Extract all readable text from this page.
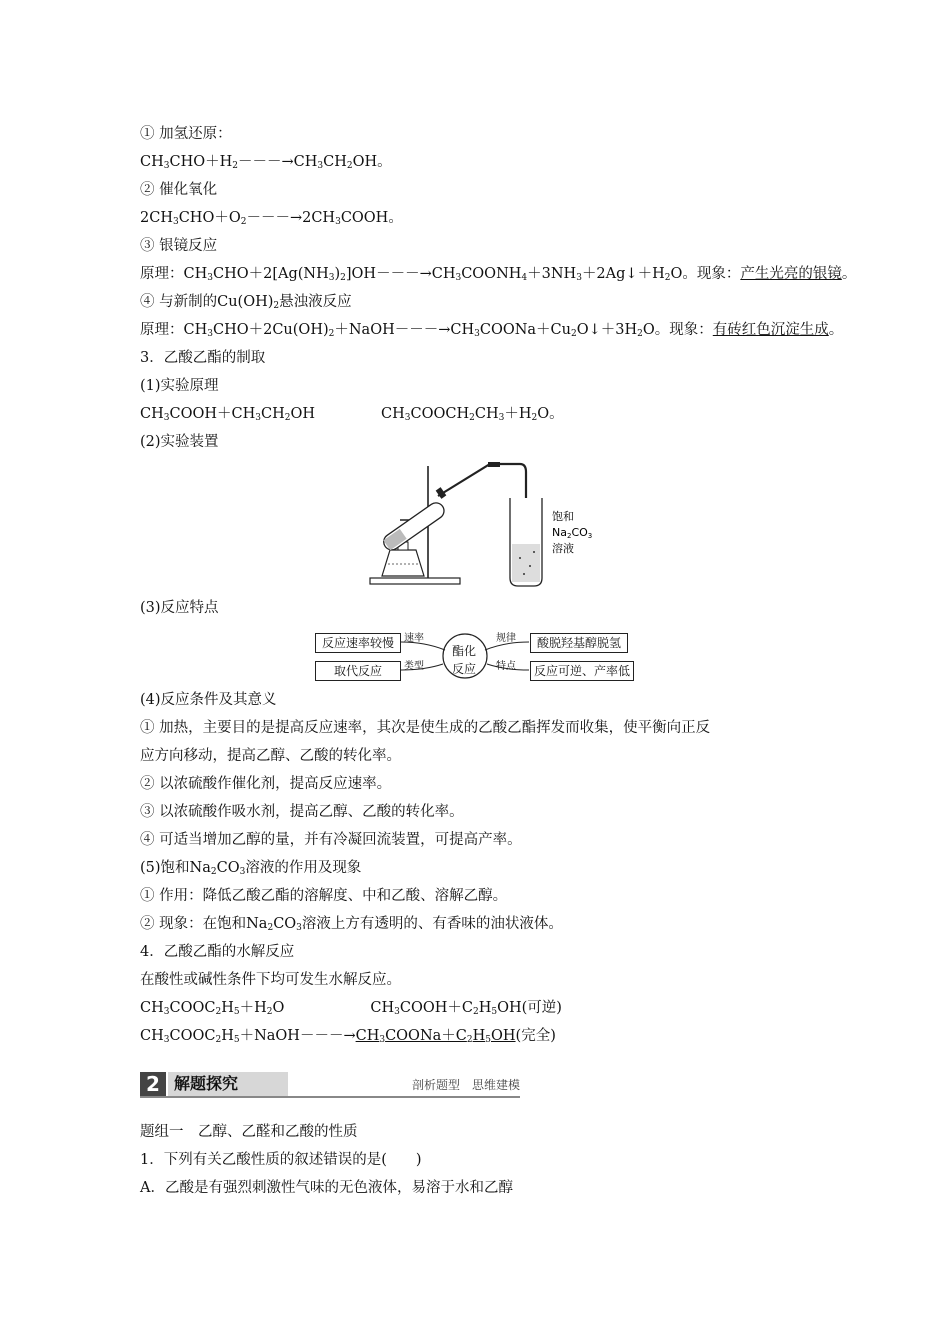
① 加氢还原：
$CH_3CHO+H_2---\to CH_3CH_2OH$。
② 催化氧化
$2CH_3CHO+O_2---\to 2CH_3COOH$。
③ 银镜反应
原理：$CH_3CHO+2[Ag(NH_3)_2]OH---\to CH_3COONH_4+3NH_3+2Ag↓+H_2O$。现象：产生光亮的银镜。
④ 与新制的$Cu(OH)_2$悬浊液反应
原理：$CH_3CHO+2Cu(OH)_2+NaOH---\to CH_3COONa+Cu_2O↓+3H_2O$。现象：有砖红色沉淀生成。
3．乙酸乙酯的制取
(1)实验原理
$CH_3COOH+CH_3CH_2OH$	$CH_3COOCH_2CH_3+H_2O$。
(2)实验装置
饱和
Na2CO3
溶液
(3)反应特点
酯化
反应
反应速率较慢	速率	酸脱羟基醇脱氢
规律
取代反应	类型	反应可逆、产率低
特点
(4)反应条件及其意义
① 加热，主要目的是提高反应速率，其次是使生成的乙酸乙酯挥发而收集，使平衡向正反
应方向移动，提高乙醇、乙酸的转化率。
② 以浓硫酸作催化剂，提高反应速率。
③ 以浓硫酸作吸水剂，提高乙醇、乙酸的转化率。
④ 可适当增加乙醇的量，并有冷凝回流装置，可提高产率。
(5)饱和$Na_2CO_3$溶液的作用及现象
① 作用：降低乙酸乙酯的溶解度、中和乙酸、溶解乙醇。
② 现象：在饱和$Na_2CO_3$溶液上方有透明的、有香味的油状液体。
4．乙酸乙酯的水解反应
在酸性或碱性条件下均可发生水解反应。
$CH_3COOC_2H_5+H_2O$	$CH_3COOH+C_2H_5OH$(可逆)
$CH_3COOC_2H_5+NaOH---\to CH_3COONa+C_2H_5OH$(完全)
2 解题探究	剖析题型　思维建模
题组一　乙醇、乙醛和乙酸的性质
1．下列有关乙酸性质的叙述错误的是(　　)
A．乙酸是有强烈刺激性气味的无色液体，易溶于水和乙醇
